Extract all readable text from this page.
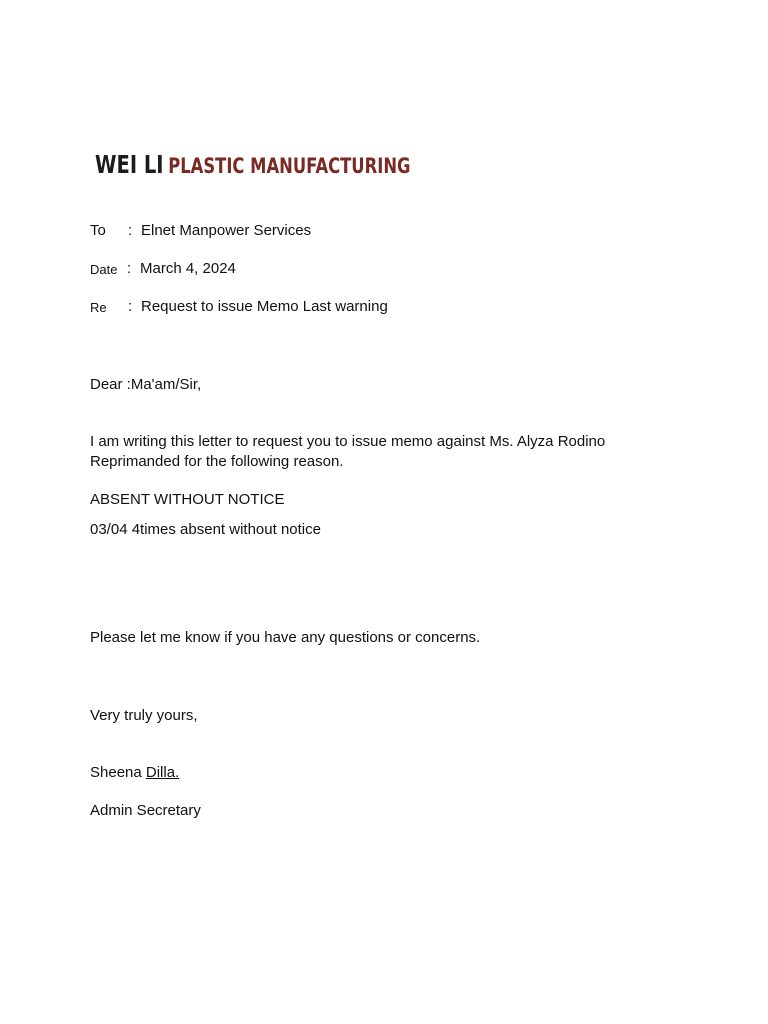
WEI LI PLASTIC MANUFACTURING
To : Elnet Manpower Services
Date : March 4, 2024
Re : Request to issue Memo Last warning
Dear :Ma'am/Sir,
I am writing this letter to request you to issue memo against Ms. Alyza Rodino
Reprimanded for the following reason.
ABSENT WITHOUT NOTICE
03/04 4times absent without notice
Please let me know if you have any questions or concerns.
Very truly yours,
Sheena Dilla.
Admin Secretary
